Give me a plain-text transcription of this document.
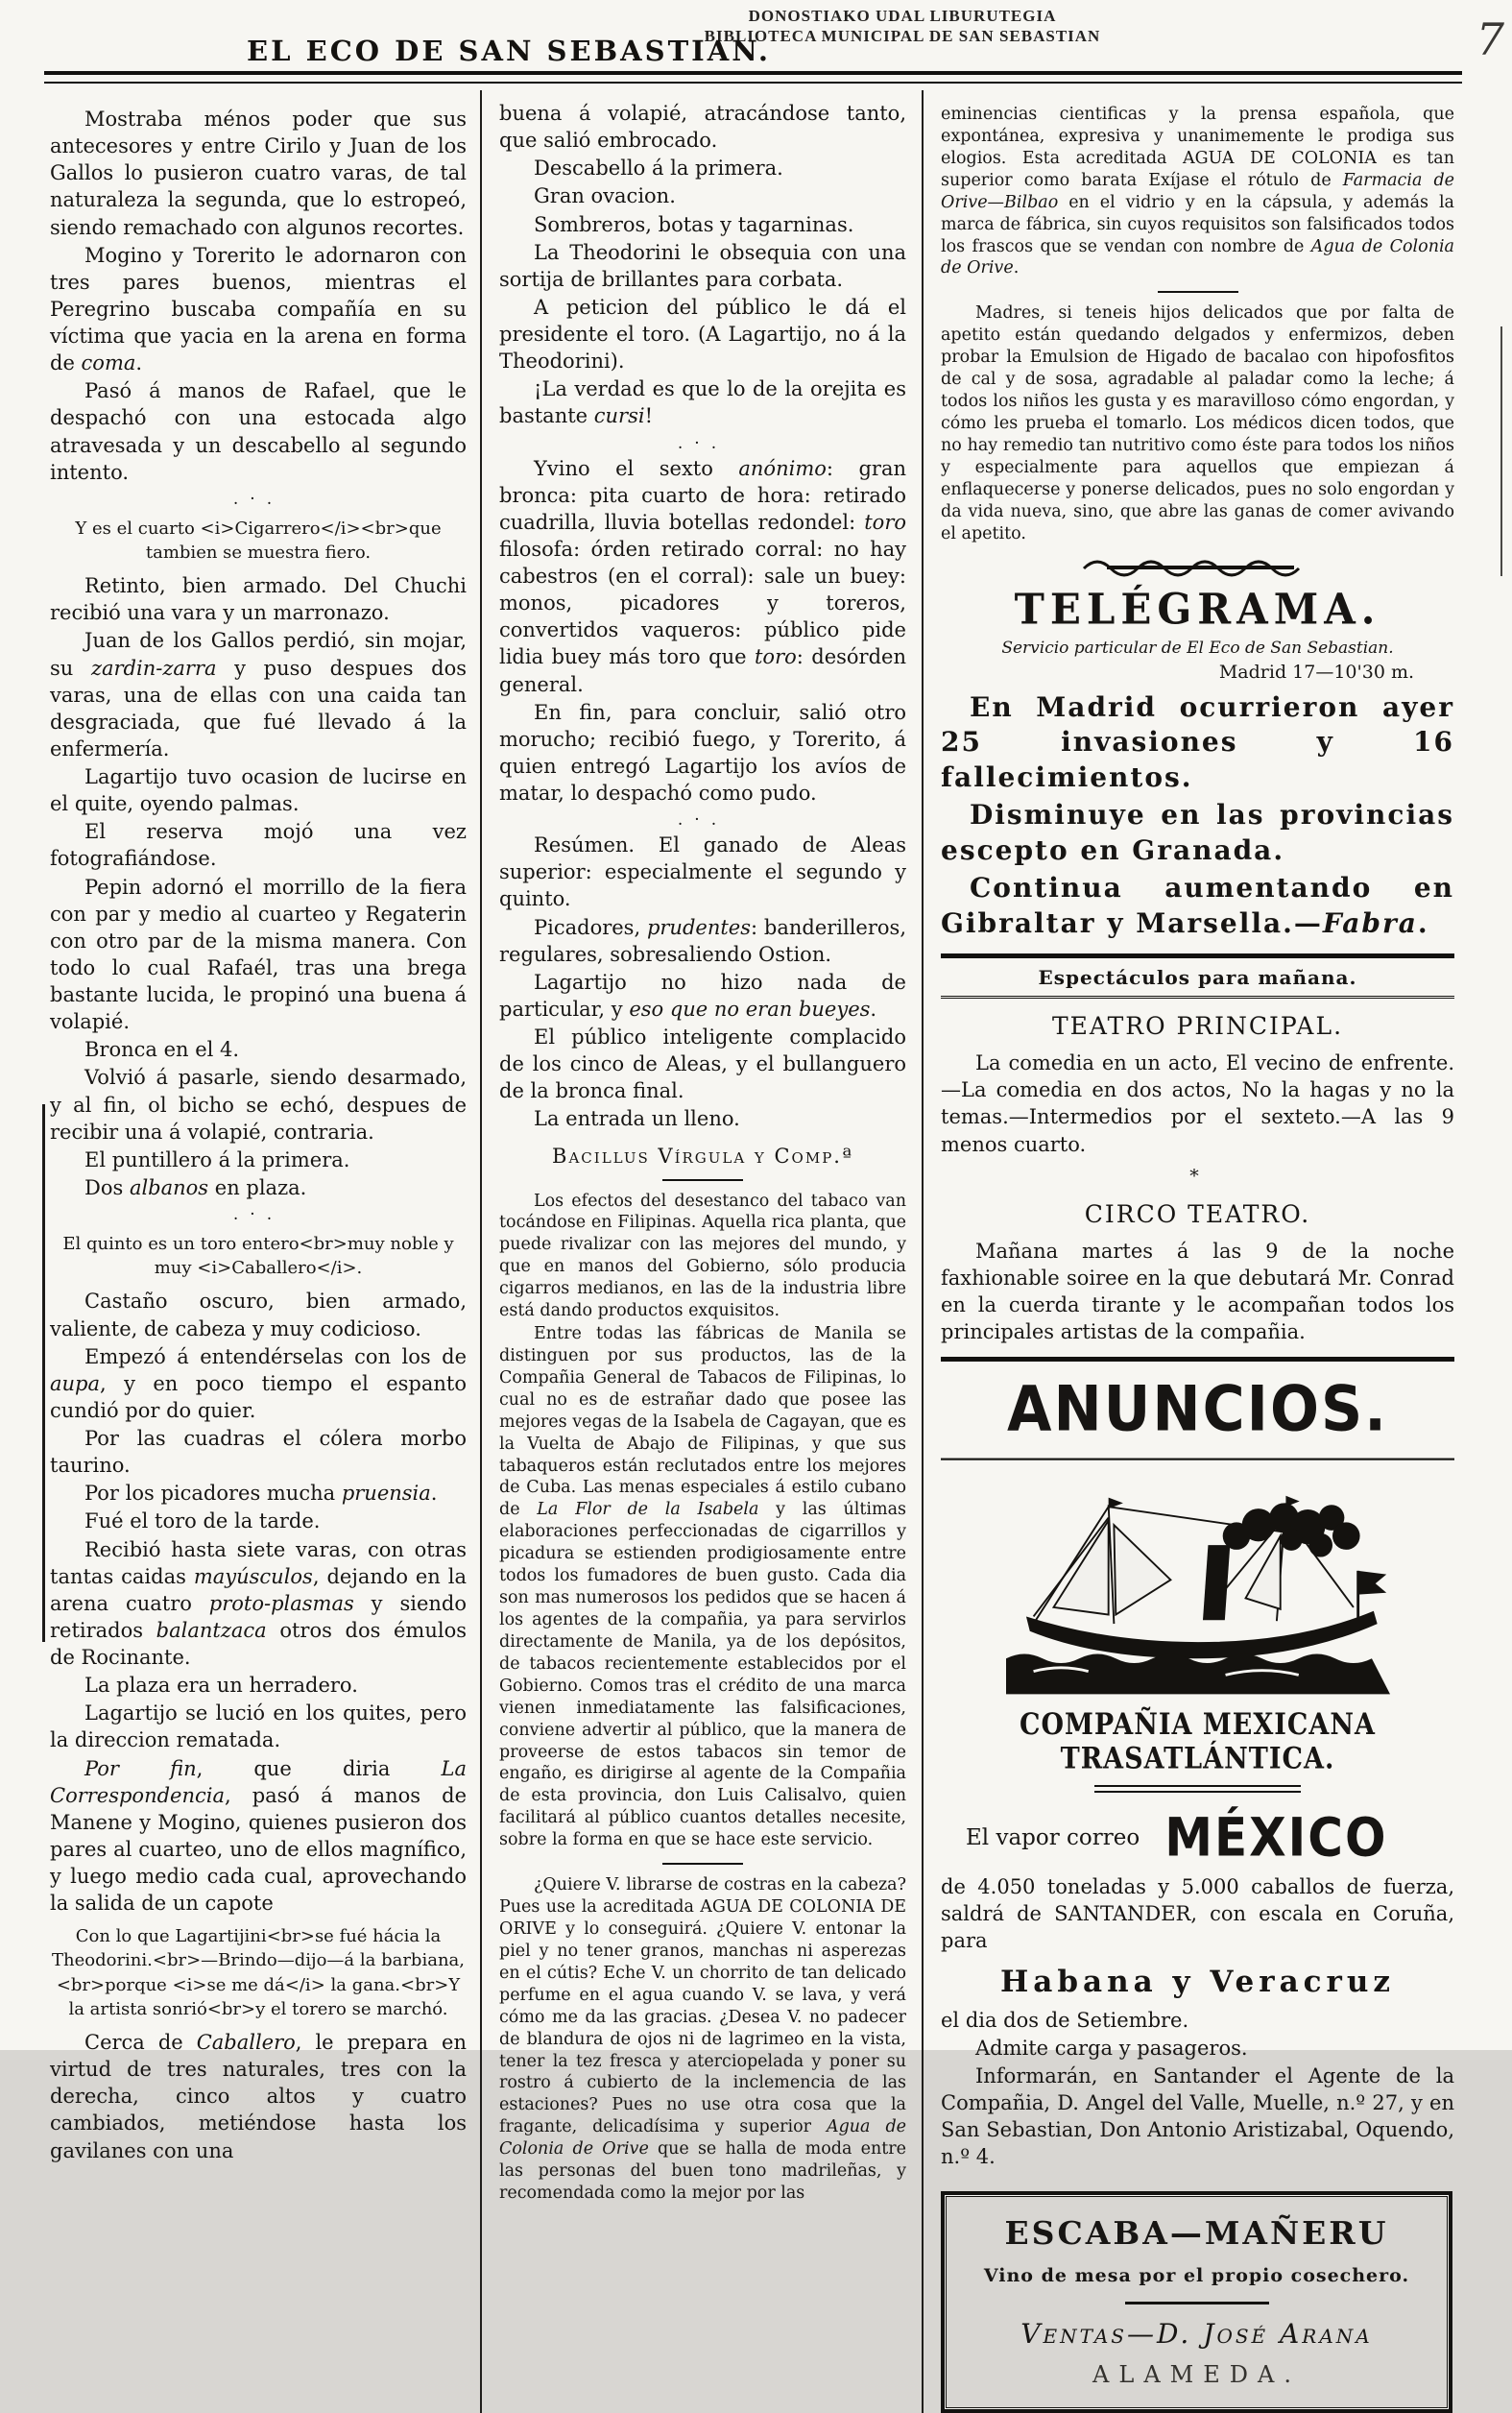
DONOSTIAKO UDAL LIBURUTEGIA
BIBLIOTECA MUNICIPAL DE SAN SEBASTIAN	7
EL ECO DE SAN SEBASTIAN.

Mostraba ménos poder que sus antecesores y entre Cirilo y Juan de los Gallos lo pusieron cuatro varas, de tal naturaleza la segunda, que lo estropeó, siendo remachado con algunos recortes.

Mogino y Torerito le adornaron con tres pares buenos, mientras el Peregrino buscaba compañía en su víctima que yacia en la arena en forma de coma.

Pasó á manos de Rafael, que le despachó con una estocada algo atravesada y un descabello al segundo intento.

.·.
Y es el cuarto <i>Cigarrero</i><br>que tambien se muestra fiero.

Retinto, bien armado. Del Chuchi recibió una vara y un marronazo.

Juan de los Gallos perdió, sin mojar, su zardin-zarra y puso despues dos varas, una de ellas con una caida tan desgraciada, que fué llevado á la enfermería.

Lagartijo tuvo ocasion de lucirse en el quite, oyendo palmas.

El reserva mojó una vez fotografiándose.

Pepin adornó el morrillo de la fiera con par y medio al cuarteo y Regaterin con otro par de la misma manera. Con todo lo cual Rafaél, tras una brega bastante lucida, le propinó una buena á volapié.

Bronca en el 4.

Volvió á pasarle, siendo desarmado, y al fin, ol bicho se echó, despues de recibir una á volapié, contraria.

El puntillero á la primera.

Dos albanos en plaza.

.·.
El quinto es un toro entero<br>muy noble y muy <i>Caballero</i>.

Castaño oscuro, bien armado, valiente, de cabeza y muy codicioso.

Empezó á entendérselas con los de aupa, y en poco tiempo el espanto cundió por do quier.

Por las cuadras el cólera morbo taurino.

Por los picadores mucha pruensia.

Fué el toro de la tarde.

Recibió hasta siete varas, con otras tantas caidas mayúsculos, dejando en la arena cuatro proto-plasmas y siendo retirados balantzaca otros dos émulos de Rocinante.

La plaza era un herradero.

Lagartijo se lució en los quites, pero la direccion rematada.

Por fin, que diria La Correspondencia, pasó á manos de Manene y Mogino, quienes pusieron dos pares al cuarteo, uno de ellos magnífico, y luego medio cada cual, aprovechando la salida de un capote

Con lo que Lagartijini<br>se fué hácia la Theodorini.<br>—Brindo—dijo—á la barbiana,<br>porque <i>se me dá</i> la gana.<br>Y la artista sonrió<br>y el torero se marchó.

Cerca de Caballero, le prepara en virtud de tres naturales, tres con la derecha, cinco altos y cuatro cambiados, metiéndose hasta los gavilanes con una

buena á volapié, atracándose tanto, que salió embrocado.

Descabello á la primera.

Gran ovacion.

Sombreros, botas y tagarninas.

La Theodorini le obsequia con una sortija de brillantes para corbata.

A peticion del público le dá el presidente el toro. (A Lagartijo, no á la Theodorini).

¡La verdad es que lo de la orejita es bastante cursi!

.·.

Yvino el sexto anónimo: gran bronca: pita cuarto de hora: retirado cuadrilla, lluvia botellas redondel: toro filosofa: órden retirado corral: no hay cabestros (en el corral): sale un buey: monos, picadores y toreros, convertidos vaqueros: público pide lidia buey más toro que toro: desórden general.

En fin, para concluir, salió otro morucho; recibió fuego, y Torerito, á quien entregó Lagartijo los avíos de matar, lo despachó como pudo.

.·.

Resúmen. El ganado de Aleas superior: especialmente el segundo y quinto.

Picadores, prudentes: banderilleros, regulares, sobresaliendo Ostion.

Lagartijo no hizo nada de particular, y eso que no eran bueyes.

El público inteligente complacido de los cinco de Aleas, y el bullanguero de la bronca final.

La entrada un lleno.

Bacillus Vírgula y Comp.ª

Los efectos del desestanco del tabaco van tocándose en Filipinas. Aquella rica planta, que puede rivalizar con las mejores del mundo, y que en manos del Gobierno, sólo producia cigarros medianos, en las de la industria libre está dando productos exquisitos.

Entre todas las fábricas de Manila se distinguen por sus productos, las de la Compañia General de Tabacos de Filipinas, lo cual no es de estrañar dado que posee las mejores vegas de la Isabela de Cagayan, que es la Vuelta de Abajo de Filipinas, y que sus tabaqueros están reclutados entre los mejores de Cuba. Las menas especiales á estilo cubano de La Flor de la Isabela y las últimas elaboraciones perfeccionadas de cigarrillos y picadura se estienden prodigiosamente entre todos los fumadores de buen gusto. Cada dia son mas numerosos los pedidos que se hacen á los agentes de la compañia, ya para servirlos directamente de Manila, ya de los depósitos, de tabacos recientemente establecidos por el Gobierno. Comos tras el crédito de una marca vienen inmediatamente las falsificaciones, conviene advertir al público, que la manera de proveerse de estos tabacos sin temor de engaño, es dirigirse al agente de la Compañia de esta provincia, don Luis Calisalvo, quien facilitará al público cuantos detalles necesite, sobre la forma en que se hace este servicio.

¿Quiere V. librarse de costras en la cabeza? Pues use la acreditada AGUA DE COLONIA DE ORIVE y lo conseguirá. ¿Quiere V. entonar la piel y no tener granos, manchas ni asperezas en el cútis? Eche V. un chorrito de tan delicado perfume en el agua cuando V. se lava, y verá cómo me da las gracias. ¿Desea V. no padecer de blandura de ojos ni de lagrimeo en la vista, tener la tez fresca y aterciopelada y poner su rostro á cubierto de la inclemencia de las estaciones? Pues no use otra cosa que la fragante, delicadísima y superior Agua de Colonia de Orive que se halla de moda entre las personas del buen tono madrileñas, y recomendada como la mejor por las

eminencias cientificas y la prensa española, que expontánea, expresiva y unanimemente le prodiga sus elogios. Esta acreditada AGUA DE COLONIA es tan superior como barata Exíjase el rótulo de Farmacia de Orive—Bilbao en el vidrio y en la cápsula, y además la marca de fábrica, sin cuyos requisitos son falsificados todos los frascos que se vendan con nombre de Agua de Colonia de Orive.

Madres, si teneis hijos delicados que por falta de apetito están quedando delgados y enfermizos, deben probar la Emulsion de Higado de bacalao con hipofosfitos de cal y de sosa, agradable al paladar como la leche; á todos los niños les gusta y es maravilloso cómo engordan, y cómo les prueba el tomarlo. Los médicos dicen todos, que no hay remedio tan nutritivo como éste para todos los niños y especialmente para aquellos que empiezan á enflaquecerse y ponerse delicados, pues no solo engordan y da vida nueva, sino, que abre las ganas de comer avivando el apetito.

TELÉGRAMA.
Servicio particular de El Eco de San Sebastian.
Madrid 17—10'30 m.

En Madrid ocurrieron ayer 25 invasiones y 16 fallecimientos.

Disminuye en las provincias escepto en Granada.

Continua aumentando en Gibraltar y Marsella.—Fabra.

Espectáculos para mañana.
TEATRO PRINCIPAL.

La comedia en un acto, El vecino de enfrente.—La comedia en dos actos, No la hagas y no la temas.—Intermedios por el sexteto.—A las 9 menos cuarto.

*
CIRCO TEATRO.

Mañana martes á las 9 de la noche faxhionable soiree en la que debutará Mr. Conrad en la cuerda tirante y le acompañan todos los principales artistas de la compañia.

ANUNCIOS.
COMPAÑIA MEXICANA TRASATLÁNTICA.
El vapor correo MÉXICO

de 4.050 toneladas y 5.000 caballos de fuerza, saldrá de SANTANDER, con escala en Coruña, para

Habana y Veracruz

el dia dos de Setiembre.

Admite carga y pasageros.

Informarán, en Santander el Agente de la Compañia, D. Angel del Valle, Muelle, n.º 27, y en San Sebastian, Don Antonio Aristizabal, Oquendo, n.º 4.

ESCABA—MAÑERU
Vino de mesa por el propio cosechero.
Ventas—D. José Arana
ALAMEDA.
